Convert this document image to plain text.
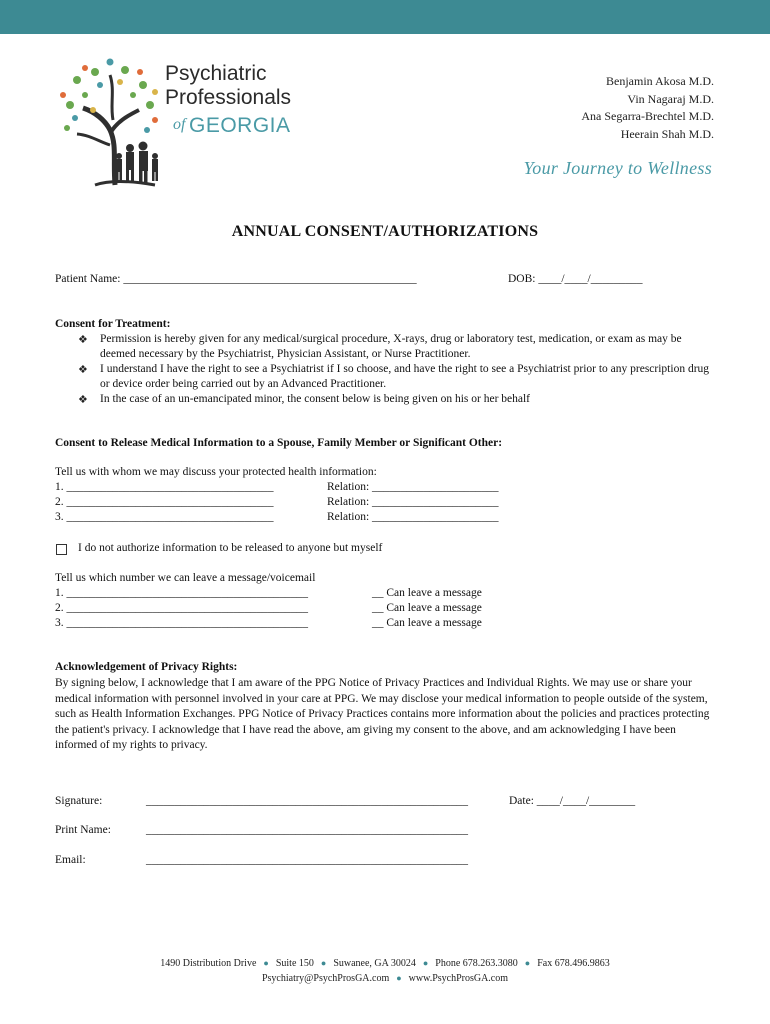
Psychiatric
Professionals
of GEORGIA
Benjamin Akosa M.D.
Vin Nagaraj M.D.
Ana Segarra-Brechtel M.D.
Heerain Shah M.D.
Your Journey to Wellness
ANNUAL CONSENT/AUTHORIZATIONS
Patient Name: ___________________________________________________	DOB: ____/____/_________
Consent for Treatment:
❖ Permission is hereby given for any medical/surgical procedure, X-rays, drug or laboratory test, medication, or exam as may be deemed necessary by the Psychiatrist, Physician Assistant, or Nurse Practitioner.
❖ I understand I have the right to see a Psychiatrist if I so choose, and have the right to see a Psychiatrist prior to any prescription drug or device order being carried out by an Advanced Practitioner.
❖ In the case of an un-emancipated minor, the consent below is being given on his or her behalf
Consent to Release Medical Information to a Spouse, Family Member or Significant Other:
Tell us with whom we may discuss your protected health information:
1. ____________________________________	Relation: ______________________
2. ____________________________________	Relation: ______________________
3. ____________________________________	Relation: ______________________
I do not authorize information to be released to anyone but myself
Tell us which number we can leave a message/voicemail
1. __________________________________________	__ Can leave a message
2. __________________________________________	__ Can leave a message
3. __________________________________________	__ Can leave a message
Acknowledgement of Privacy Rights:
By signing below, I acknowledge that I am aware of the PPG Notice of Privacy Practices and Individual Rights. We may use or share your medical information with personnel involved in your care at PPG. We may disclose your medical information to people outside of the system, such as Health Information Exchanges. PPG Notice of Privacy Practices contains more information about the policies and practices protecting the patient's privacy. I acknowledge that I have read the above, am giving my consent to the above, and am acknowledging I have been informed of my rights to privacy.
Signature:	________________________________________________________	Date: ____/____/________
Print Name:	________________________________________________________
Email:	________________________________________________________
1490 Distribution Drive ● Suite 150 ● Suwanee, GA 30024 ● Phone 678.263.3080 ● Fax 678.496.9863
Psychiatry@PsychProsGA.com ● www.PsychProsGA.com
